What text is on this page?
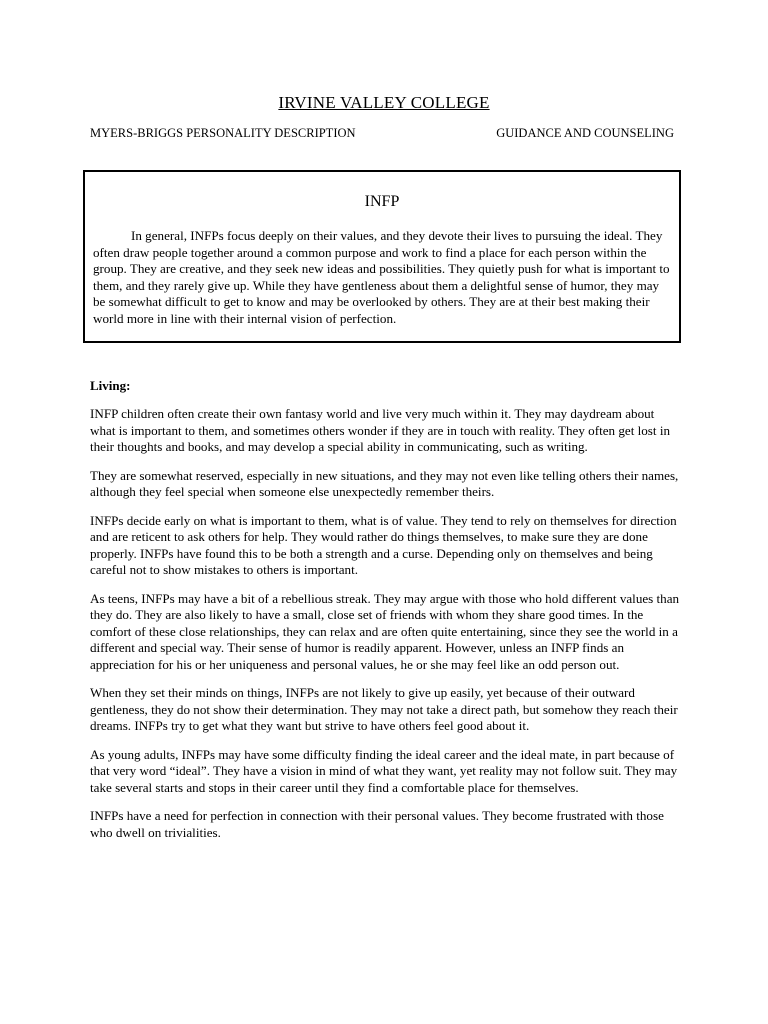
IRVINE VALLEY COLLEGE
MYERS-BRIGGS PERSONALITY DESCRIPTION	GUIDANCE AND COUNSELING
INFP

In general, INFPs focus deeply on their values, and they devote their lives to pursuing the ideal. They often draw people together around a common purpose and work to find a place for each person within the group. They are creative, and they seek new ideas and possibilities. They quietly push for what is important to them, and they rarely give up. While they have gentleness about them a delightful sense of humor, they may be somewhat difficult to get to know and may be overlooked by others. They are at their best making their world more in line with their internal vision of perfection.

Living:

INFP children often create their own fantasy world and live very much within it. They may daydream about what is important to them, and sometimes others wonder if they are in touch with reality. They often get lost in their thoughts and books, and may develop a special ability in communicating, such as writing.

They are somewhat reserved, especially in new situations, and they may not even like telling others their names, although they feel special when someone else unexpectedly remember theirs.

INFPs decide early on what is important to them, what is of value. They tend to rely on themselves for direction and are reticent to ask others for help. They would rather do things themselves, to make sure they are done properly. INFPs have found this to be both a strength and a curse. Depending only on themselves and being careful not to show mistakes to others is important.

As teens, INFPs may have a bit of a rebellious streak. They may argue with those who hold different values than they do. They are also likely to have a small, close set of friends with whom they share good times. In the comfort of these close relationships, they can relax and are often quite entertaining, since they see the world in a different and special way. Their sense of humor is readily apparent. However, unless an INFP finds an appreciation for his or her uniqueness and personal values, he or she may feel like an odd person out.

When they set their minds on things, INFPs are not likely to give up easily, yet because of their outward gentleness, they do not show their determination. They may not take a direct path, but somehow they reach their dreams. INFPs try to get what they want but strive to have others feel good about it.

As young adults, INFPs may have some difficulty finding the ideal career and the ideal mate, in part because of that very word “ideal”. They have a vision in mind of what they want, yet reality may not follow suit. They may take several starts and stops in their career until they find a comfortable place for themselves.

INFPs have a need for perfection in connection with their personal values. They become frustrated with those who dwell on trivialities.
